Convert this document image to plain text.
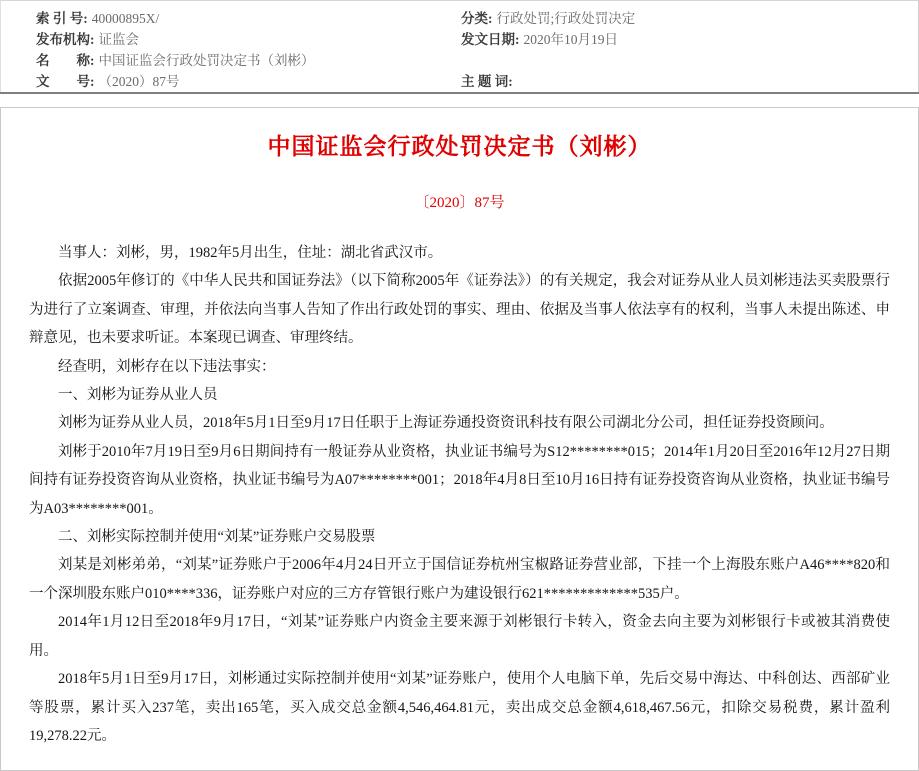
索 引 号: 40000895X/
发布机构: 证监会
名　　称: 中国证监会行政处罚决定书（刘彬）
文　　号: （2020）87号
分类: 行政处罚;行政处罚决定
发文日期: 2020年10月19日
主 题 词:
中国证监会行政处罚决定书（刘彬）
〔2020〕87号

当事人：刘彬，男，1982年5月出生，住址：湖北省武汉市。

依据2005年修订的《中华人民共和国证券法》（以下简称2005年《证券法》）的有关规定，我会对证券从业人员刘彬违法买卖股票行为进行了立案调查、审理，并依法向当事人告知了作出行政处罚的事实、理由、依据及当事人依法享有的权利，当事人未提出陈述、申辩意见，也未要求听证。本案现已调查、审理终结。

经查明，刘彬存在以下违法事实：

一、刘彬为证券从业人员

刘彬为证券从业人员，2018年5月1日至9月17日任职于上海证券通投资资讯科技有限公司湖北分公司，担任证券投资顾问。

刘彬于2010年7月19日至9月6日期间持有一般证券从业资格，执业证书编号为S12********015；2014年1月20日至2016年12月27日期间持有证券投资咨询从业资格，执业证书编号为A07********001；2018年4月8日至10月16日持有证券投资咨询从业资格，执业证书编号为A03********001。

二、刘彬实际控制并使用“刘某”证券账户交易股票

刘某是刘彬弟弟，“刘某”证券账户于2006年4月24日开立于国信证券杭州宝椒路证券营业部，下挂一个上海股东账户A46****820和一个深圳股东账户010****336，证券账户对应的三方存管银行账户为建设银行621*************535户。

2014年1月12日至2018年9月17日，“刘某”证券账户内资金主要来源于刘彬银行卡转入，资金去向主要为刘彬银行卡或被其消费使用。

2018年5月1日至9月17日，刘彬通过实际控制并使用“刘某”证券账户，使用个人电脑下单，先后交易中海达、中科创达、西部矿业等股票，累计买入237笔，卖出165笔，买入成交总金额4,546,464.81元，卖出成交总金额4,618,467.56元，扣除交易税费，累计盈利19,278.22元。
